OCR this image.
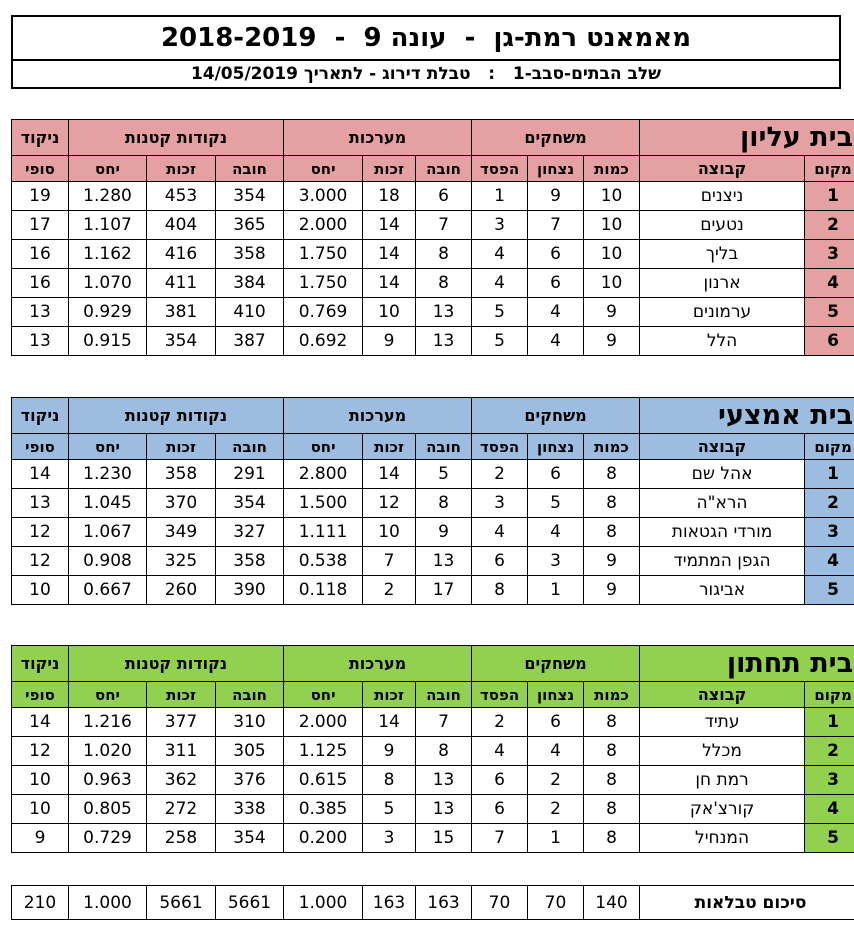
מאמאנט רמת-גן  -  עונה 9  -  2018-2019
שלב הבתים-סבב-1   :   טבלת דירוג - לתאריך 14/05/2019
בית עליון		משחקים			מערכות			נקודות קטנות			ניקוד
מקום	קבוצה	כמות	נצחון	הפסד	חובה	זכות	יחס	חובה	זכות	יחס	סופי
1	ניצנים	10	9	1	6	18	3.000	354	453	1.280	19
2	נטעים	10	7	3	7	14	2.000	365	404	1.107	17
3	בליך	10	6	4	8	14	1.750	358	416	1.162	16
4	ארנון	10	6	4	8	14	1.750	384	411	1.070	16
5	ערמונים	9	4	5	13	10	0.769	410	381	0.929	13
6	הלל	9	4	5	13	9	0.692	387	354	0.915	13
בית אמצעי		משחקים			מערכות			נקודות קטנות			ניקוד
מקום	קבוצה	כמות	נצחון	הפסד	חובה	זכות	יחס	חובה	זכות	יחס	סופי
1	אהל שם	8	6	2	5	14	2.800	291	358	1.230	14
2	הרא"ה	8	5	3	8	12	1.500	354	370	1.045	13
3	מורדי הגטאות	8	4	4	9	10	1.111	327	349	1.067	12
4	הגפן המתמיד	9	3	6	13	7	0.538	358	325	0.908	12
5	אביגור	9	1	8	17	2	0.118	390	260	0.667	10
בית תחתון		משחקים			מערכות			נקודות קטנות			ניקוד
מקום	קבוצה	כמות	נצחון	הפסד	חובה	זכות	יחס	חובה	זכות	יחס	סופי
1	עתיד	8	6	2	7	14	2.000	310	377	1.216	14
2	מכלל	8	4	4	8	9	1.125	305	311	1.020	12
3	רמת חן	8	2	6	13	8	0.615	376	362	0.963	10
4	קורצ'אק	8	2	6	13	5	0.385	338	272	0.805	10
5	המנחיל	8	1	7	15	3	0.200	354	258	0.729	9
סיכום טבלאות	140	70	70	163	163	1.000	5661	5661	1.000	210
